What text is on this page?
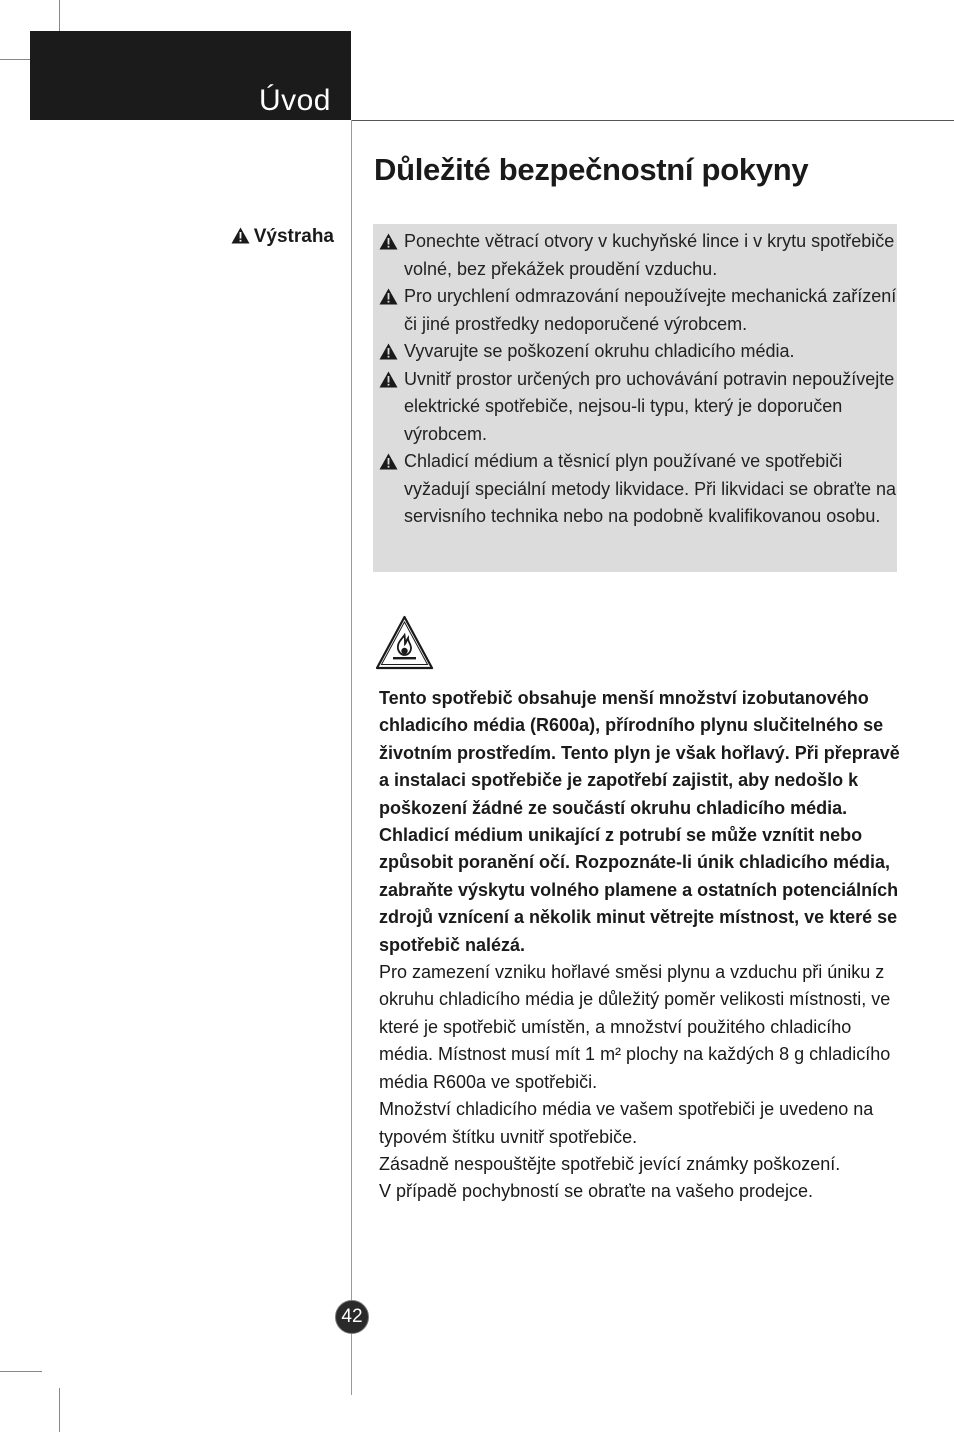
Úvod
Důležité bezpečnostní pokyny
Výstraha	Ponechte větrací otvory v kuchyňské lince i v krytu spotřebiče volné, bez překážek proudění vzduchu.
Pro urychlení odmrazování nepoužívejte mechanická zařízení či jiné prostředky nedoporučené výrobcem.
Vyvarujte se poškození okruhu chladicího média.
Uvnitř prostor určených pro uchovávání potravin nepoužívejte elektrické spotřebiče, nejsou-li typu, který je doporučen výrobcem.
Chladicí médium a těsnicí plyn používané ve spotřebiči vyžadují speciální metody likvidace. Při likvidaci se obraťte na servisního technika nebo na podobně kvalifikovanou osobu.

Tento spotřebič obsahuje menší množství izobutanového chladicího média (R600a), přírodního plynu slučitelného se životním prostředím. Tento plyn je však hořlavý. Při přepravě a instalaci spotřebiče je zapotřebí zajistit, aby nedošlo k poškození žádné ze součástí okruhu chladicího média.

Chladicí médium unikající z potrubí se může vznítit nebo způsobit poranění očí. Rozpoznáte-li únik chladicího média, zabraňte výskytu volného plamene a ostatních potenciálních zdrojů vznícení a několik minut větrejte místnost, ve které se spotřebič nalézá.

Pro zamezení vzniku hořlavé směsi plynu a vzduchu při úniku z okruhu chladicího média je důležitý poměr velikosti místnosti, ve které je spotřebič umístěn, a množství použitého chladicího média. Místnost musí mít 1 m² plochy na každých 8 g chladicího média R600a ve spotřebiči.

Množství chladicího média ve vašem spotřebiči je uvedeno na typovém štítku uvnitř spotřebiče.

Zásadně nespouštějte spotřebič jevící známky poškození.

V případě pochybností se obraťte na vašeho prodejce.

42
